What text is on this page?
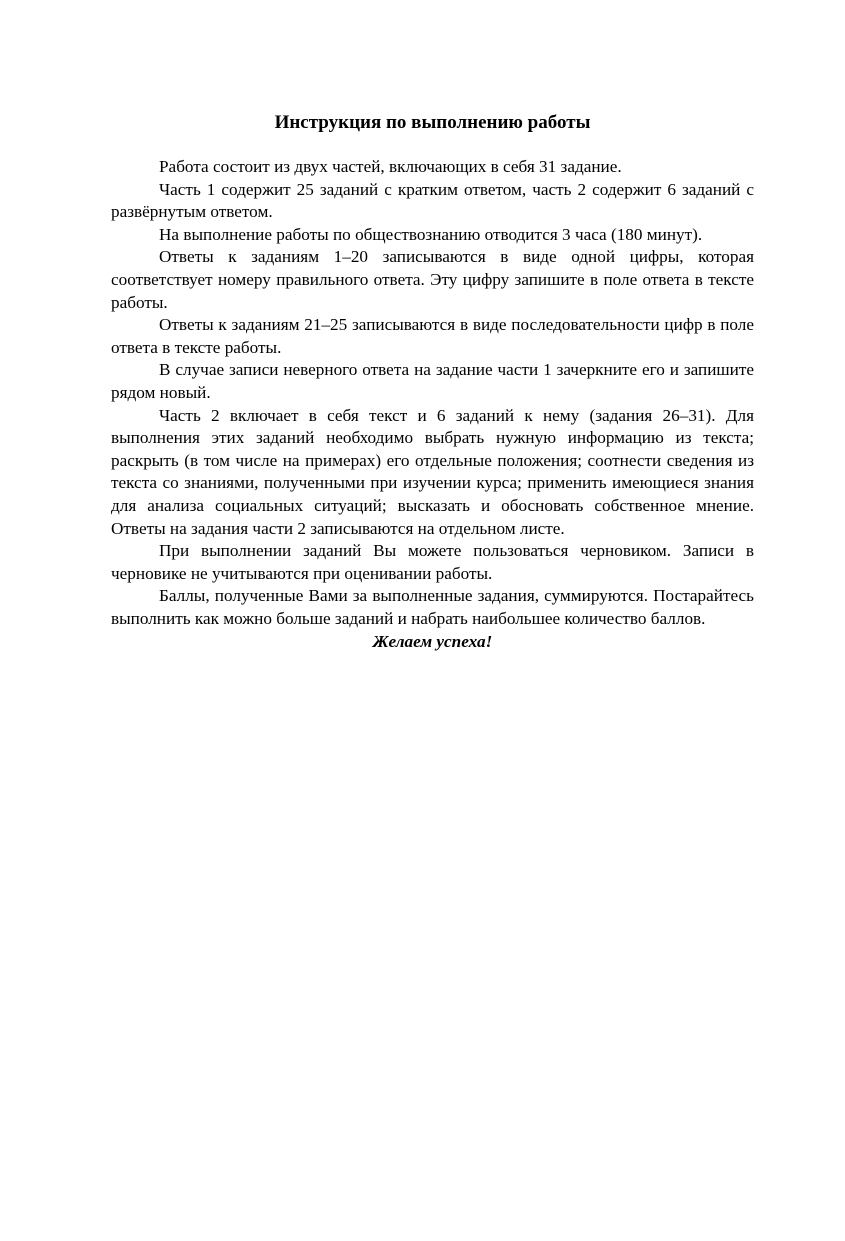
Инструкция по выполнению работы

Работа состоит из двух частей, включающих в себя 31 задание.

Часть 1 содержит 25 заданий с кратким ответом, часть 2 содержит 6 заданий с развёрнутым ответом.

На выполнение работы по обществознанию отводится 3 часа (180 минут).

Ответы к заданиям 1–20 записываются в виде одной цифры, которая соответствует номеру правильного ответа. Эту цифру запишите в поле ответа в тексте работы.

Ответы к заданиям 21–25 записываются в виде последовательности цифр в поле ответа в тексте работы.

В случае записи неверного ответа на задание части 1 зачеркните его и запишите рядом новый.

Часть 2 включает в себя текст и 6 заданий к нему (задания 26–31). Для выполнения этих заданий необходимо выбрать нужную информацию из текста; раскрыть (в том числе на примерах) его отдельные положения; соотнести сведения из текста со знаниями, полученными при изучении курса; применить имеющиеся знания для анализа социальных ситуаций; высказать и обосновать собственное мнение. Ответы на задания части 2 записываются на отдельном листе.

При выполнении заданий Вы можете пользоваться черновиком. Записи в черновике не учитываются при оценивании работы.

Баллы, полученные Вами за выполненные задания, суммируются. Постарайтесь выполнить как можно больше заданий и набрать наибольшее количество баллов.

Желаем успеха!
